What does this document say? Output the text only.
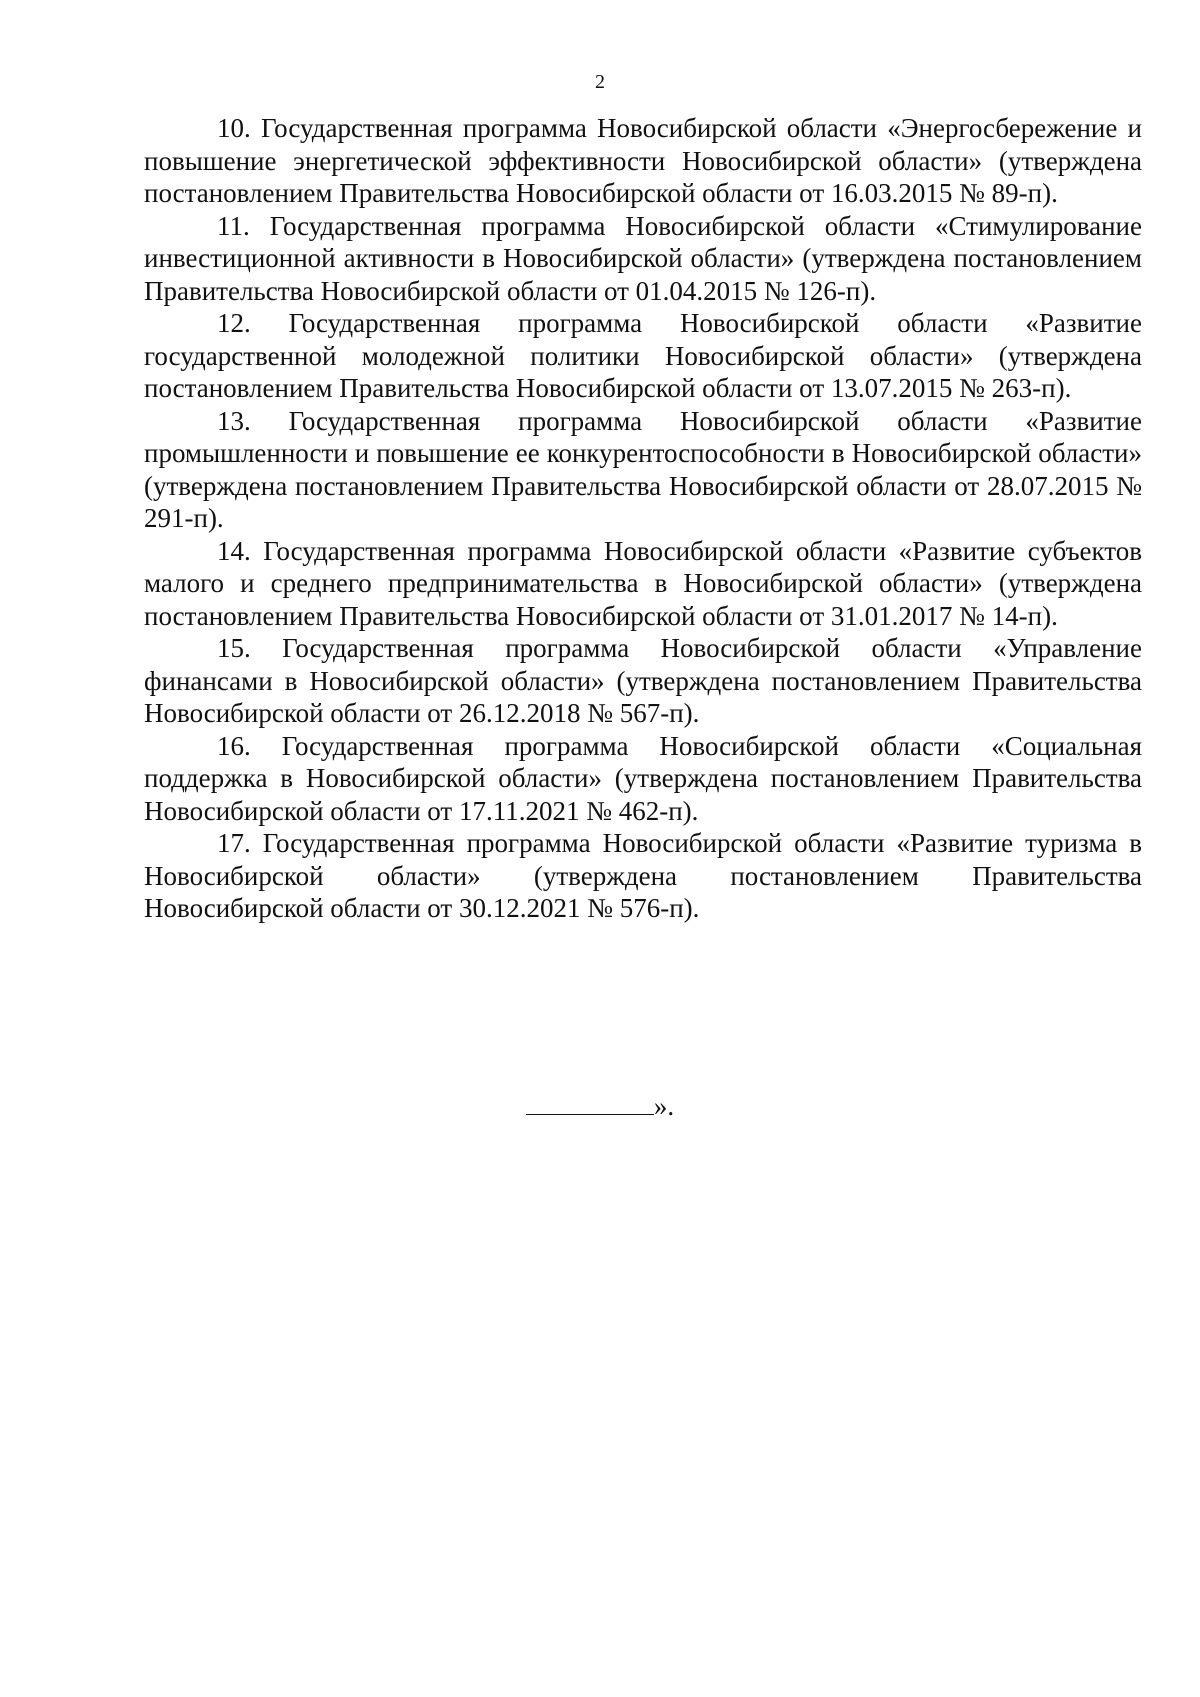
2

10. Государственная программа Новосибирской области «Энергосбережение и повышение энергетической эффективности Новосибирской области» (утверждена постановлением Правительства Новосибирской области от 16.03.2015 № 89-п).

11. Государственная программа Новосибирской области «Стимулирование инвестиционной активности в Новосибирской области» (утверждена постановлением Правительства Новосибирской области от 01.04.2015 № 126-п).

12. Государственная программа Новосибирской области «Развитие государственной молодежной политики Новосибирской области» (утверждена постановлением Правительства Новосибирской области от 13.07.2015 № 263-п).

13. Государственная программа Новосибирской области «Развитие промышленности и повышение ее конкурентоспособности в Новосибирской области» (утверждена постановлением Правительства Новосибирской области от 28.07.2015 № 291-п).

14. Государственная программа Новосибирской области «Развитие субъектов малого и среднего предпринимательства в Новосибирской области» (утверждена постановлением Правительства Новосибирской области от 31.01.2017 № 14-п).

15. Государственная программа Новосибирской области «Управление финансами в Новосибирской области» (утверждена постановлением Правительства Новосибирской области от 26.12.2018 № 567-п).

16. Государственная программа Новосибирской области «Социальная поддержка в Новосибирской области» (утверждена постановлением Правительства Новосибирской области от 17.11.2021 № 462-п).

17. Государственная программа Новосибирской области «Развитие туризма в Новосибирской области» (утверждена постановлением Правительства Новосибирской области от 30.12.2021 № 576-п).

».
